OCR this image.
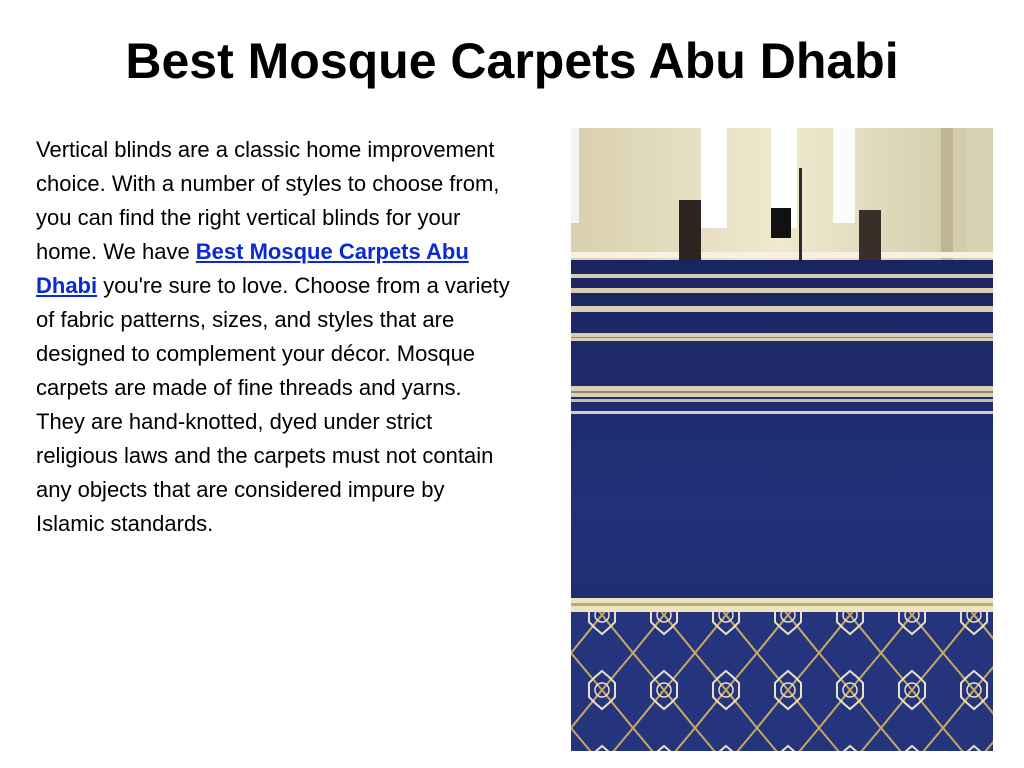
Best Mosque Carpets Abu Dhabi

Vertical blinds are a classic home improvement choice. With a number of styles to choose from, you can find the right vertical blinds for your home. We have Best Mosque Carpets Abu Dhabi you're sure to love. Choose from a variety of fabric patterns, sizes, and styles that are designed to complement your décor. Mosque carpets are made of fine threads and yarns. They are hand-knotted, dyed under strict religious laws and the carpets must not contain any objects that are considered impure by Islamic standards.
